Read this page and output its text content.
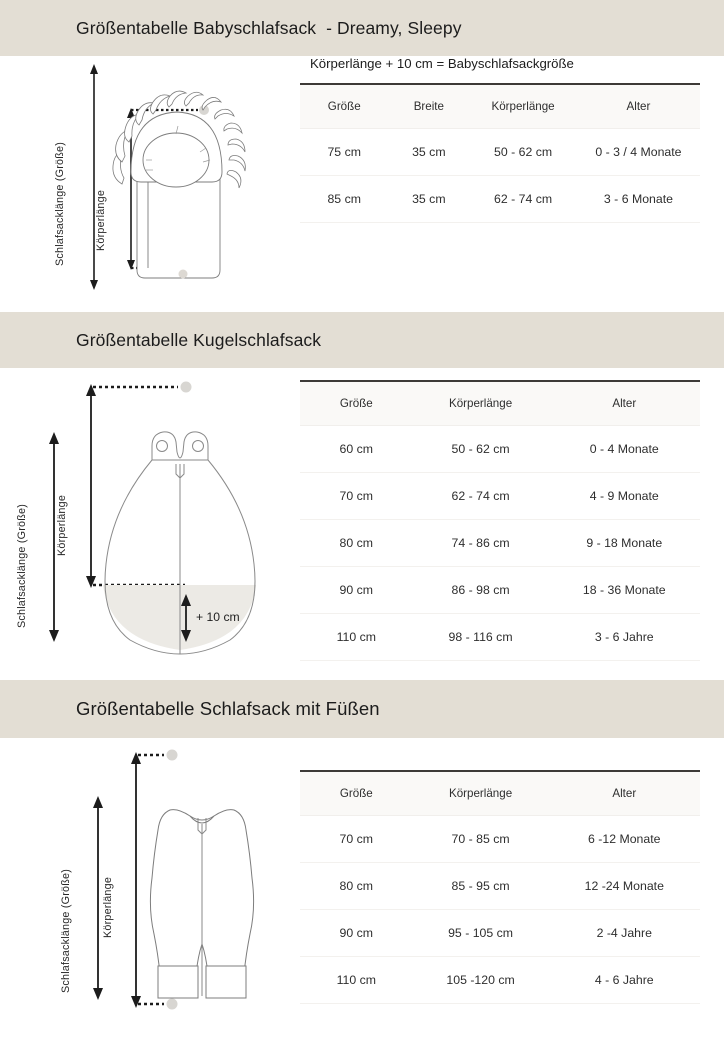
Größentabelle Babyschlafsack  - Dreamy, Sleepy
Schlafsacklänge (Größe)	Körperlänge
Körperlänge + 10 cm = Babyschlafsackgröße
Größe	Breite	Körperlänge	Alter
75 cm	35 cm	50 - 62 cm	0 - 3 / 4 Monate
85 cm	35 cm	62 - 74 cm	3 - 6 Monate
Größentabelle Kugelschlafsack
Schlafsacklänge (Größe)	Körperlänge
+ 10 cm
Größe	Körperlänge	Alter
60 cm	50 - 62 cm	0 - 4 Monate
70 cm	62 - 74 cm	4 - 9 Monate
80 cm	74 - 86 cm	9 - 18 Monate
90 cm	86 - 98 cm	18 - 36 Monate
110 cm	98 - 116 cm	3 - 6 Jahre
Größentabelle Schlafsack mit Füßen
Schlafsacklänge (Größe)	Körperlänge
Größe	Körperlänge	Alter
70 cm	70 - 85 cm	6 -12 Monate
80 cm	85 - 95 cm	12 -24 Monate
90 cm	95 - 105 cm	2 -4 Jahre
110 cm	105 -120 cm	4 - 6 Jahre
